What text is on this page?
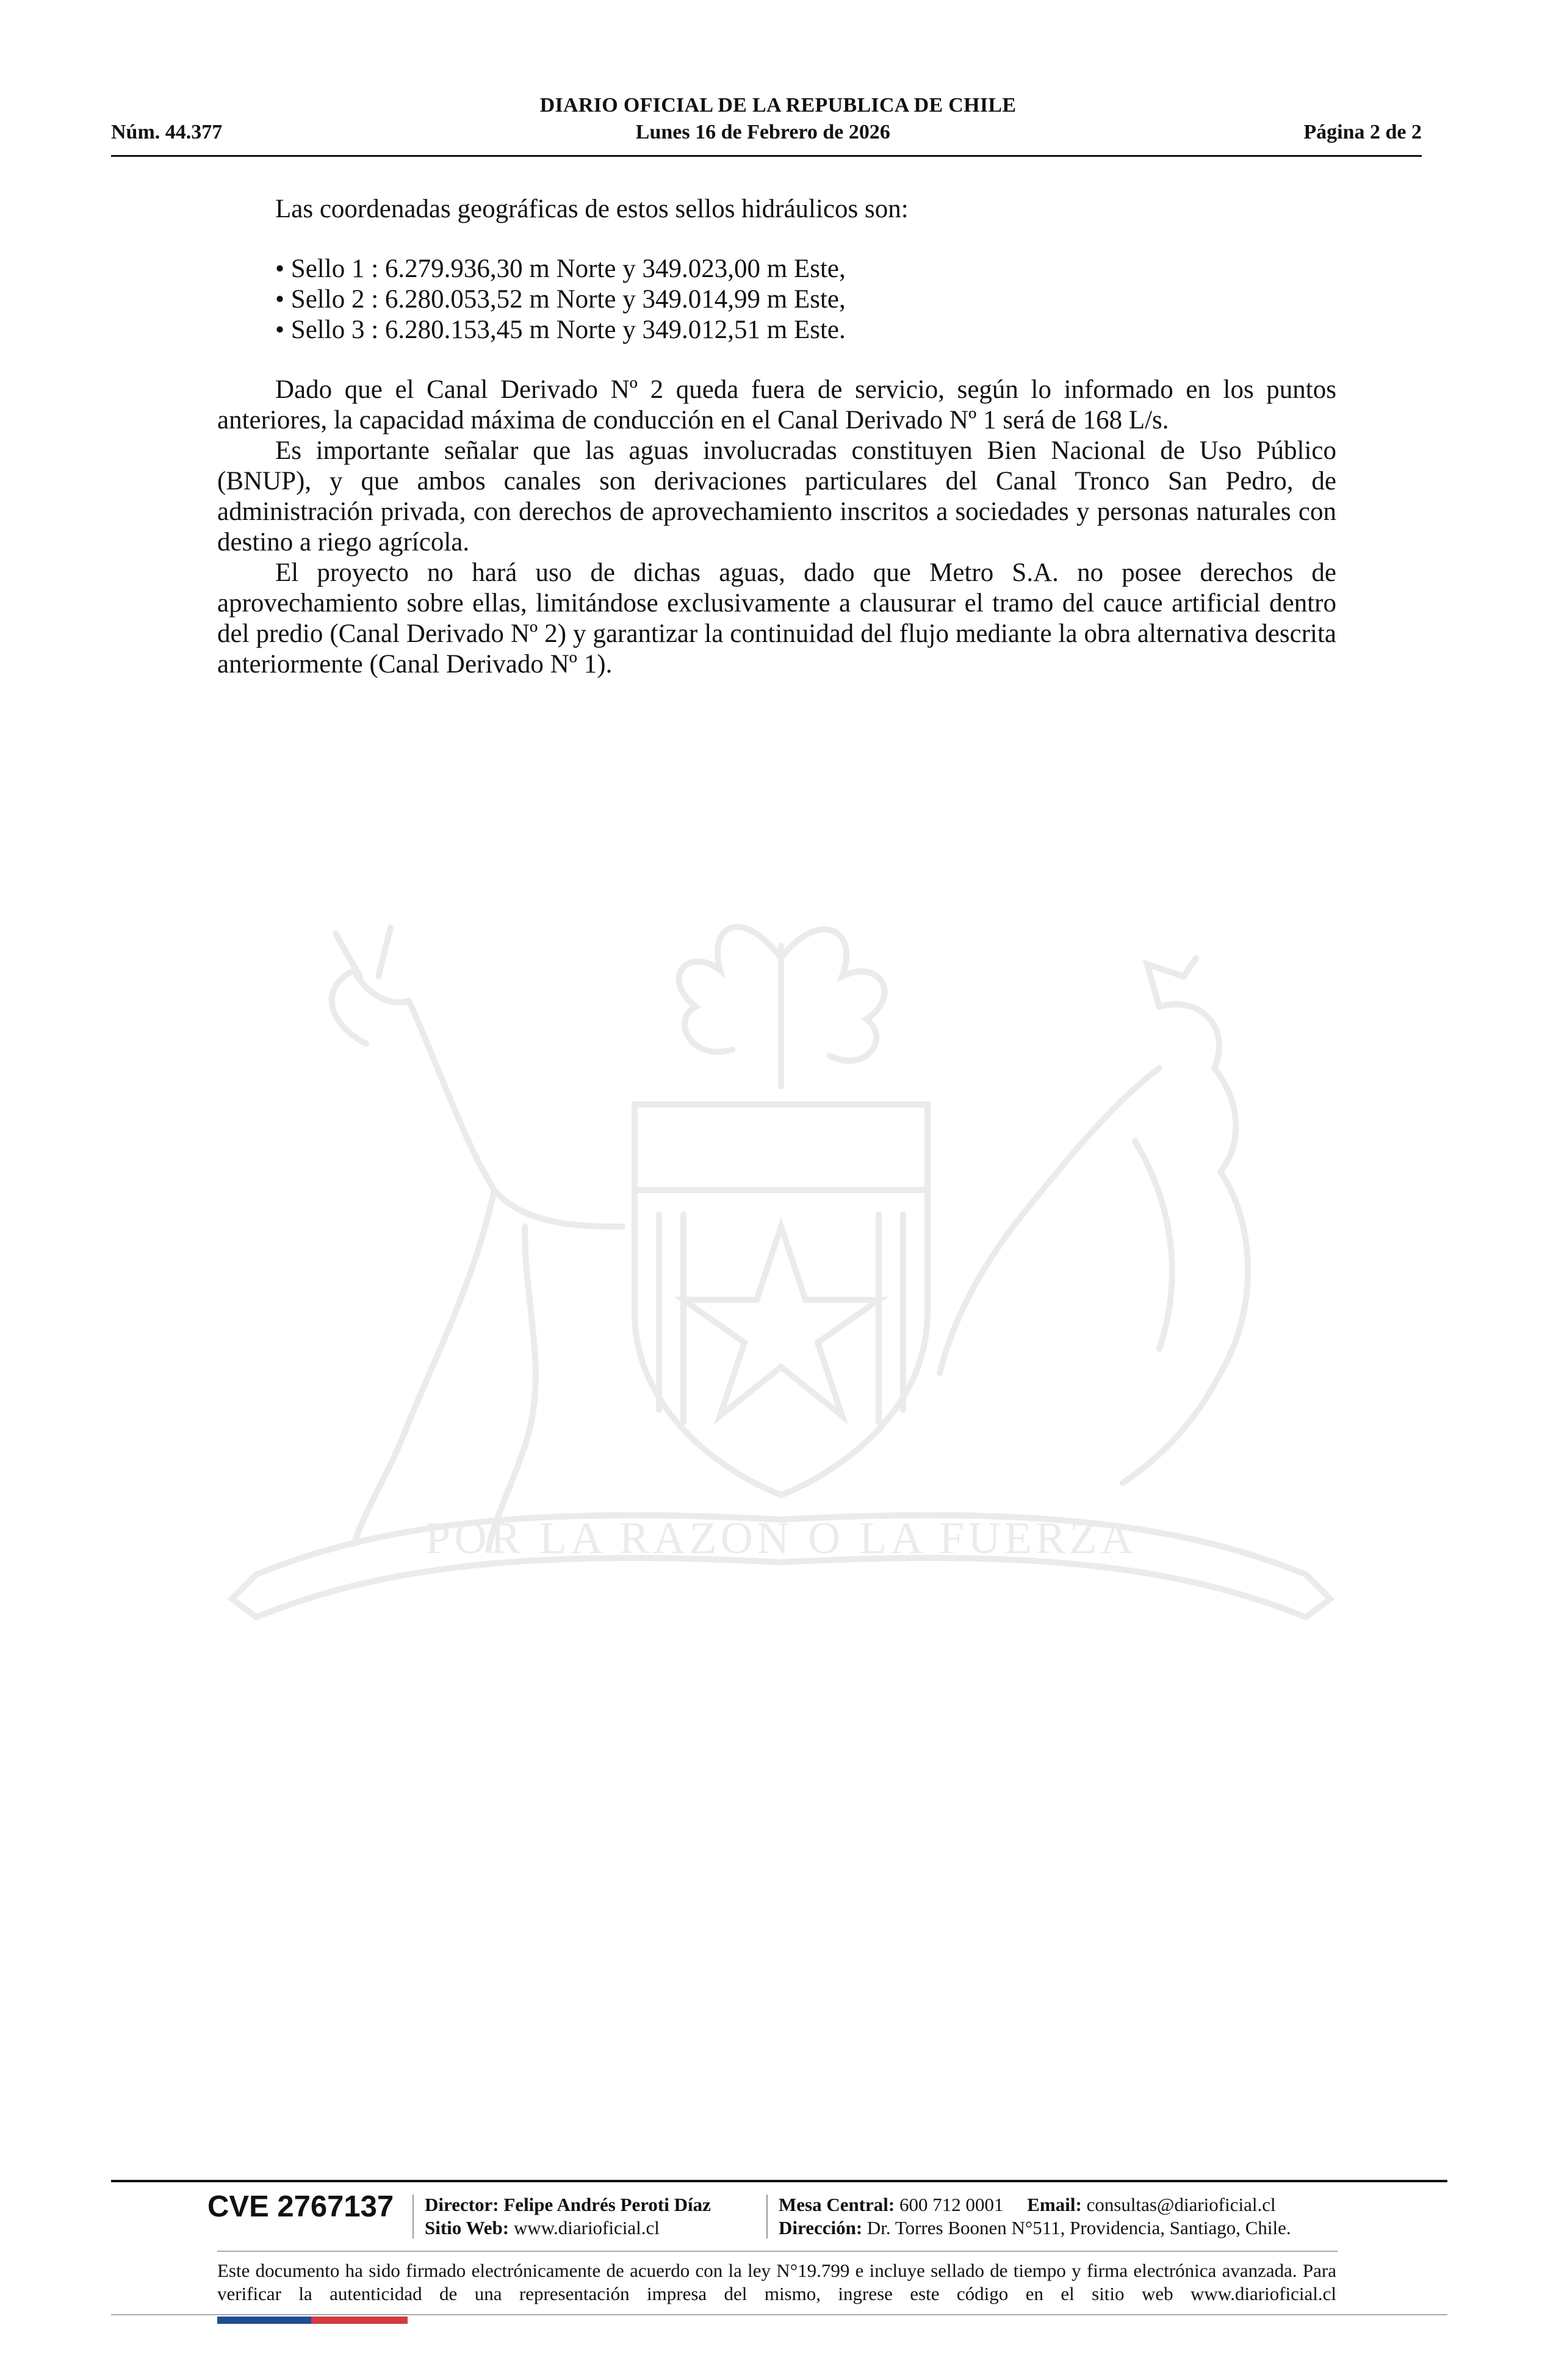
DIARIO OFICIAL DE LA REPUBLICA DE CHILE
Núm. 44.377	Lunes 16 de Febrero de 2026	Página 2 de 2
POR LA RAZON O LA FUERZA

Las coordenadas geográficas de estos sellos hidráulicos son:

• Sello 1 : 6.279.936,30 m Norte y 349.023,00 m Este,
• Sello 2 : 6.280.053,52 m Norte y 349.014,99 m Este,
• Sello 3 : 6.280.153,45 m Norte y 349.012,51 m Este.

Dado que el Canal Derivado Nº 2 queda fuera de servicio, según lo informado en los puntos anteriores, la capacidad máxima de conducción en el Canal Derivado Nº 1 será de 168 L/s.

Es importante señalar que las aguas involucradas constituyen Bien Nacional de Uso Público (BNUP), y que ambos canales son derivaciones particulares del Canal Tronco San Pedro, de administración privada, con derechos de aprovechamiento inscritos a sociedades y personas naturales con destino a riego agrícola.

El proyecto no hará uso de dichas aguas, dado que Metro S.A. no posee derechos de aprovechamiento sobre ellas, limitándose exclusivamente a clausurar el tramo del cauce artificial dentro del predio (Canal Derivado Nº 2) y garantizar la continuidad del flujo mediante la obra alternativa descrita anteriormente (Canal Derivado Nº 1).

CVE 2767137	Director: Felipe Andrés Peroti Díaz
Sitio Web: www.diarioficial.cl
Mesa Central: 600 712 0001 Email: consultas@diarioficial.cl
Dirección: Dr. Torres Boonen N°511, Providencia, Santiago, Chile.
Este documento ha sido firmado electrónicamente de acuerdo con la ley N°19.799 e incluye sellado de tiempo y firma electrónica avanzada. Para verificar la autenticidad de una representación impresa del mismo, ingrese este código en el sitio web www.diarioficial.cl
